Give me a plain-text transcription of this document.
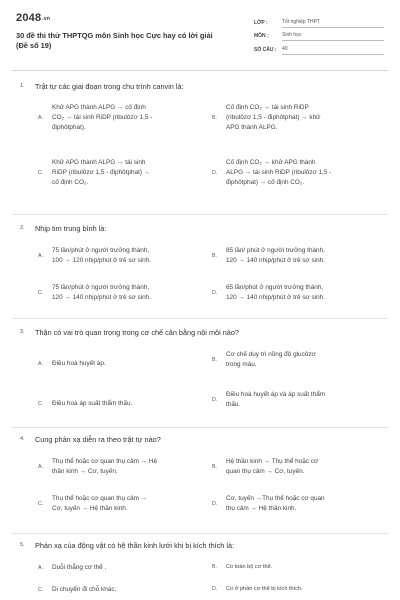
2048.vn
30 đề thi thử THPTQG môn Sinh học Cực hay có lời giải (Đề số 19)
LỚP :	Tốt nghiệp THPT
MÔN :	Sinh học
SỐ CÂU :	40
1.	Trật tự các giai đoạn trong chu trình canvin là:
A.
Khử APG thành ALPG → cố định
CO₂ → tái sinh RiDP (ribulôzơ 1,5 -
điphôtphat).
B.
Cố định CO₂ → tái sinh RiDP
(ribulôzơ 1,5 - điphôtphat) → khử
APG thành ALPG.
C.
Khử APG thành ALPG → tái sinh
RiDP (ribulôzơ 1,5 - điphôtphat) →
cố định CO₂.
D.
Cố định CO₂ → khử APG thành
ALPG → tái sinh RiDP (ribulôzơ 1,5 -
điphôtphat) → cố định CO₂.
2.	Nhịp tim trung bình là:
A.
75 lần/phút ở người trưởng thành,
100 → 120 nhịp/phút ở trẻ sơ sinh.
B.
85 lần/ phút ở người trưởng thành,
120 → 140 nhịp/phút ở trẻ sơ sinh.
C.
75 lần/phút ở người trưởng thành,
120 → 140 nhịp/phút ở trẻ sơ sinh.
D.
65 lần/phút ở người trưởng thành,
120 → 140 nhịp/phút ở trẻ sơ sinh.
3.	Thận có vai trò quan trọng trong cơ chế cân bằng nội môi nào?
A.	Điều hoà huyết áp.
B.
Cơ chế duy trì nồng độ glucôzơ
trong máu.
C.	Điều hoà áp suất thẩm thấu.
D.
Điều hoà huyết áp và áp suất thẩm
thấu.
4.	Cung phản xạ diễn ra theo trật tự nào?
A.
Thụ thể hoặc cơ quan thụ cảm → Hệ
thần kinh → Cơ, tuyến.
B.
Hệ thần kinh → Thụ thể hoặc cơ
quan thụ cảm → Cơ, tuyến.
C.
Thụ thể hoặc cơ quan thụ cảm →
Cơ, tuyến → Hệ thần kinh.
D.
Cơ, tuyến →Thụ thể hoặc cơ quan
thụ cảm → Hệ thần kinh.
5.	Phản xạ của động vật có hệ thần kinh lưới khi bị kích thích là:
A.	Duỗi thẳng cơ thể .	B.	Co toàn bộ cơ thể.
C.	Di chuyển đi chỗ khác,	D.	Co ở phần cơ thể bị kích thích.
